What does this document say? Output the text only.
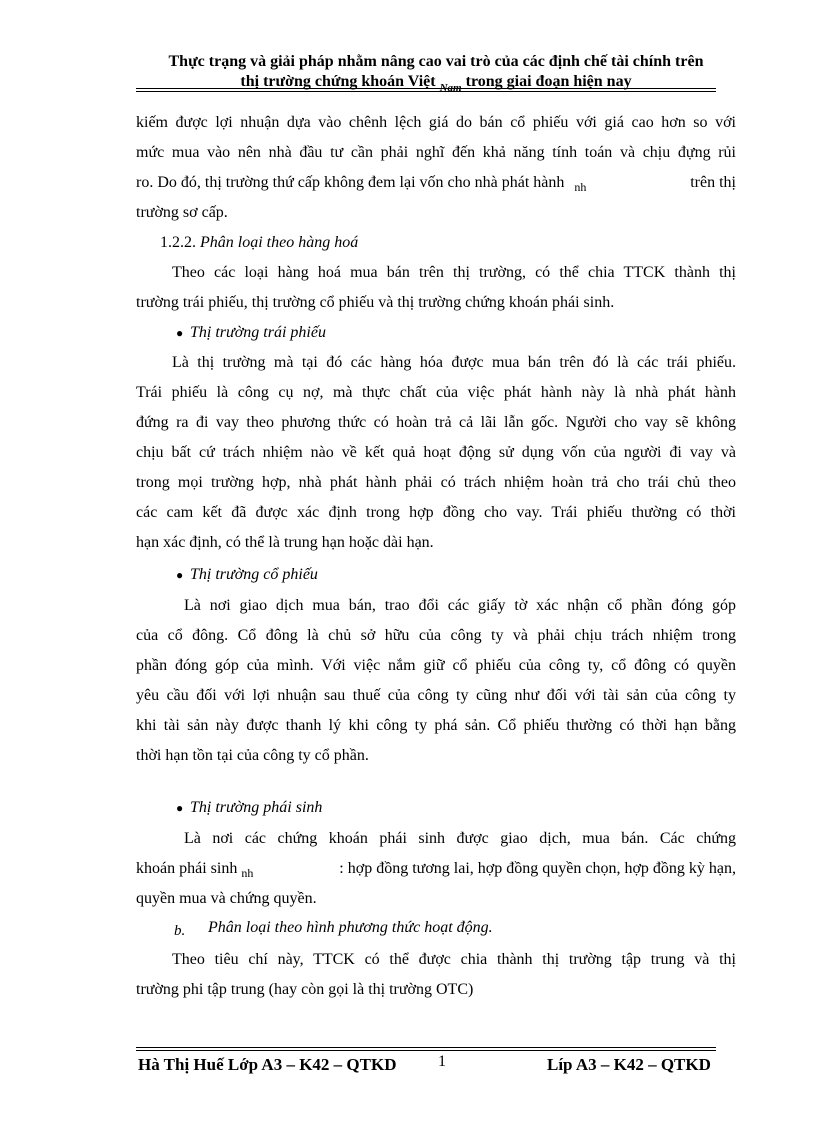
Thực trạng và giải pháp nhằm nâng cao vai trò của các định chế tài chính trên
thị trường chứng khoán Việt $_{Nam}$ trong giai đoạn hiện nay
kiếm được lợi nhuận dựa vào chênh lệch giá do bán cổ phiếu với giá cao hơn so với
mức mua vào nên nhà đầu tư cần phải nghĩ đến khả năng tính toán và chịu đựng rủi
ro. Do đó, thị trường thứ cấp không đem lại vốn cho nhà phát hành $_{nh}$	trên thị
trường sơ cấp.
1.2.2. Phân loại theo hàng hoá
Theo các loại hàng hoá mua bán trên thị trường, có thể chia TTCK thành thị
trường trái phiếu, thị trường cổ phiếu và thị trường chứng khoán phái sinh.
● Thị trường trái phiếu
Là thị trường mà tại đó các hàng hóa được mua bán trên đó là các trái phiếu.
Trái phiếu là công cụ nợ, mà thực chất của việc phát hành này là nhà phát hành
đứng ra đi vay theo phương thức có hoàn trả cả lãi lẫn gốc. Người cho vay sẽ không
chịu bất cứ trách nhiệm nào về kết quả hoạt động sử dụng vốn của người đi vay và
trong mọi trường hợp, nhà phát hành phải có trách nhiệm hoàn trả cho trái chủ theo
các cam kết đã được xác định trong hợp đồng cho vay. Trái phiếu thường có thời
hạn xác định, có thể là trung hạn hoặc dài hạn.
● Thị trường cổ phiếu
Là nơi giao dịch mua bán, trao đổi các giấy tờ xác nhận cổ phần đóng góp
của cổ đông. Cổ đông là chủ sở hữu của công ty và phải chịu trách nhiệm trong
phần đóng góp của mình. Với việc nắm giữ cổ phiếu của công ty, cổ đông có quyền
yêu cầu đối với lợi nhuận sau thuế của công ty cũng như đối với tài sản của công ty
khi tài sản này được thanh lý khi công ty phá sản. Cổ phiếu thường có thời hạn bằng
thời hạn tồn tại của công ty cổ phần.
● Thị trường phái sinh
Là nơi các chứng khoán phái sinh được giao dịch, mua bán. Các chứng
khoán phái sinh $_{nh}$	: hợp đồng tương lai, hợp đồng quyền chọn, hợp đồng kỳ hạn,
quyền mua và chứng quyền.
b. Phân loại theo hình phương thức hoạt động.
Theo tiêu chí này, TTCK có thể được chia thành thị trường tập trung và thị
trường phi tập trung (hay còn gọi là thị trường OTC)
Hà Thị Huế Lớp A3 – K42 – QTKD	1	Líp A3 – K42 – QTKD
